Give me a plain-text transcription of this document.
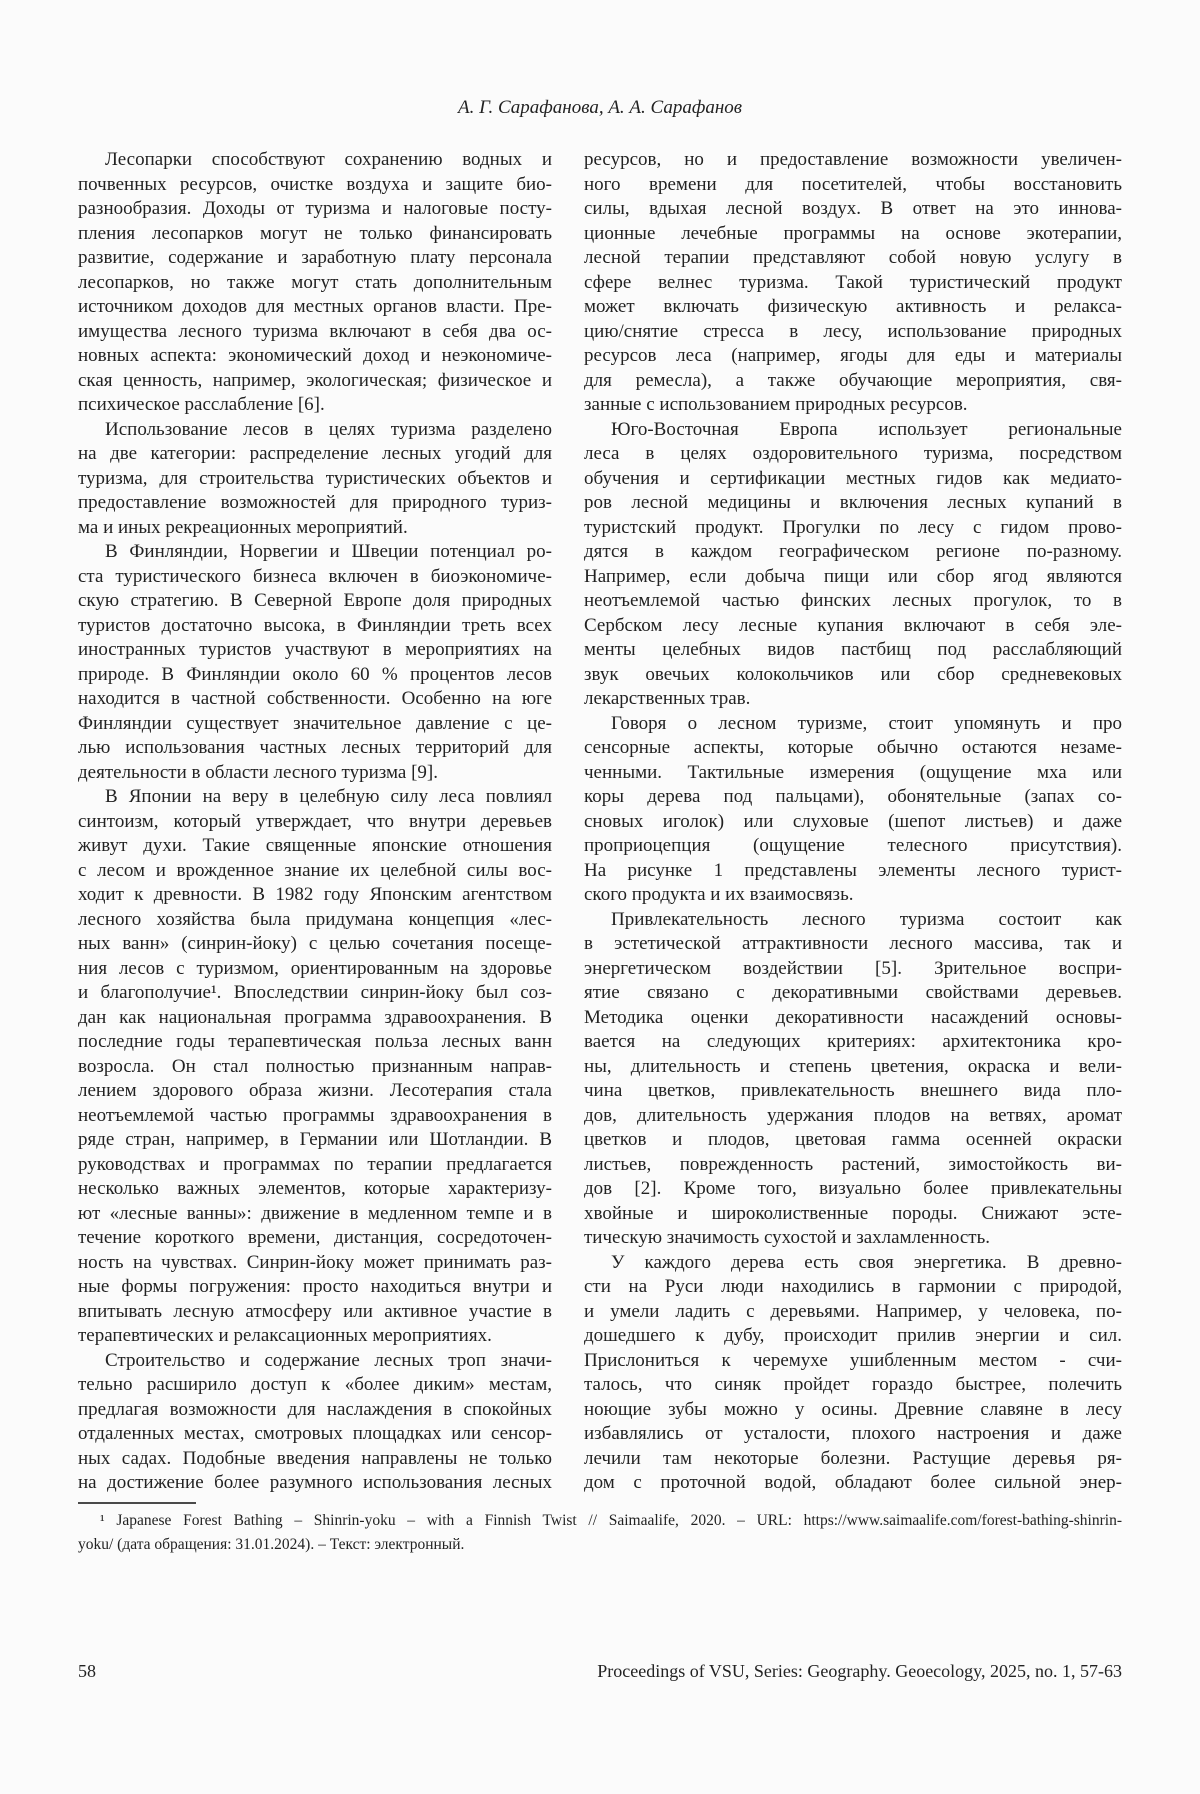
А. Г. Сарафанова, А. А. Сарафанов
Лесопарки способствуют сохранению водных и
почвенных ресурсов, очистке воздуха и защите био-
разнообразия. Доходы от туризма и налоговые посту-
пления лесопарков могут не только финансировать
развитие, содержание и заработную плату персонала
лесопарков, но также могут стать дополнительным
источником доходов для местных органов власти. Пре-
имущества лесного туризма включают в себя два ос-
новных аспекта: экономический доход и неэкономиче-
ская ценность, например, экологическая; физическое и
психическое расслабление [6].
Использование лесов в целях туризма разделено
на две категории: распределение лесных угодий для
туризма, для строительства туристических объектов и
предоставление возможностей для природного туриз-
ма и иных рекреационных мероприятий.
В Финляндии, Норвегии и Швеции потенциал ро-
ста туристического бизнеса включен в биоэкономиче-
скую стратегию. В Северной Европе доля природных
туристов достаточно высока, в Финляндии треть всех
иностранных туристов участвуют в мероприятиях на
природе. В Финляндии около 60 % процентов лесов
находится в частной собственности. Особенно на юге
Финляндии существует значительное давление с це-
лью использования частных лесных территорий для
деятельности в области лесного туризма [9].
В Японии на веру в целебную силу леса повлиял
синтоизм, который утверждает, что внутри деревьев
живут духи. Такие священные японские отношения
с лесом и врожденное знание их целебной силы вос-
ходит к древности. В 1982 году Японским агентством
лесного хозяйства была придумана концепция «лес-
ных ванн» (синрин-йоку) с целью сочетания посеще-
ния лесов с туризмом, ориентированным на здоровье
и благополучие¹. Впоследствии синрин-йоку был соз-
дан как национальная программа здравоохранения. В
последние годы терапевтическая польза лесных ванн
возросла. Он стал полностью признанным направ-
лением здорового образа жизни. Лесотерапия стала
неотъемлемой частью программы здравоохранения в
ряде стран, например, в Германии или Шотландии. В
руководствах и программах по терапии предлагается
несколько важных элементов, которые характеризу-
ют «лесные ванны»: движение в медленном темпе и в
течение короткого времени, дистанция, сосредоточен-
ность на чувствах. Синрин-йоку может принимать раз-
ные формы погружения: просто находиться внутри и
впитывать лесную атмосферу или активное участие в
терапевтических и релаксационных мероприятиях.
Строительство и содержание лесных троп значи-
тельно расширило доступ к «более диким» местам,
предлагая возможности для наслаждения в спокойных
отдаленных местах, смотровых площадках или сенсор-
ных садах. Подобные введения направлены не только
на достижение более разумного использования лесных
ресурсов, но и предоставление возможности увеличен-
ного времени для посетителей, чтобы восстановить
силы, вдыхая лесной воздух. В ответ на это иннова-
ционные лечебные программы на основе экотерапии,
лесной терапии представляют собой новую услугу в
сфере велнес туризма. Такой туристический продукт
может включать физическую активность и релакса-
цию/снятие стресса в лесу, использование природных
ресурсов леса (например, ягоды для еды и материалы
для ремесла), а также обучающие мероприятия, свя-
занные с использованием природных ресурсов.
Юго-Восточная Европа использует региональные
леса в целях оздоровительного туризма, посредством
обучения и сертификации местных гидов как медиато-
ров лесной медицины и включения лесных купаний в
туристский продукт. Прогулки по лесу с гидом прово-
дятся в каждом географическом регионе по-разному.
Например, если добыча пищи или сбор ягод являются
неотъемлемой частью финских лесных прогулок, то в
Сербском лесу лесные купания включают в себя эле-
менты целебных видов пастбищ под расслабляющий
звук овечьих колокольчиков или сбор средневековых
лекарственных трав.
Говоря о лесном туризме, стоит упомянуть и про
сенсорные аспекты, которые обычно остаются незаме-
ченными. Тактильные измерения (ощущение мха или
коры дерева под пальцами), обонятельные (запах со-
сновых иголок) или слуховые (шепот листьев) и даже
проприоцепция (ощущение телесного присутствия).
На рисунке 1 представлены элементы лесного турист-
ского продукта и их взаимосвязь.
Привлекательность лесного туризма состоит как
в эстетической аттрактивности лесного массива, так и
энергетическом воздействии [5]. Зрительное воспри-
ятие связано с декоративными свойствами деревьев.
Методика оценки декоративности насаждений основы-
вается на следующих критериях: архитектоника кро-
ны, длительность и степень цветения, окраска и вели-
чина цветков, привлекательность внешнего вида пло-
дов, длительность удержания плодов на ветвях, аромат
цветков и плодов, цветовая гамма осенней окраски
листьев, поврежденность растений, зимостойкость ви-
дов [2]. Кроме того, визуально более привлекательны
хвойные и широколиственные породы. Снижают эсте-
тическую значимость сухостой и захламленность.
У каждого дерева есть своя энергетика. В древно-
сти на Руси люди находились в гармонии с природой,
и умели ладить с деревьями. Например, у человека, по-
дошедшего к дубу, происходит прилив энергии и сил.
Прислониться к черемухе ушибленным местом - счи-
талось, что синяк пройдет гораздо быстрее, полечить
ноющие зубы можно у осины. Древние славяне в лесу
избавлялись от усталости, плохого настроения и даже
лечили там некоторые болезни. Растущие деревья ря-
дом с проточной водой, обладают более сильной энер-
¹ Japanese Forest Bathing – Shinrin-yoku – with a Finnish Twist // Saimaalife, 2020. – URL: https://www.saimaalife.com/forest-bathing-shinrin-
yoku/ (дата обращения: 31.01.2024). – Текст: электронный.
58	Proceedings of VSU, Series: Geography. Geoecology, 2025, no. 1, 57-63
